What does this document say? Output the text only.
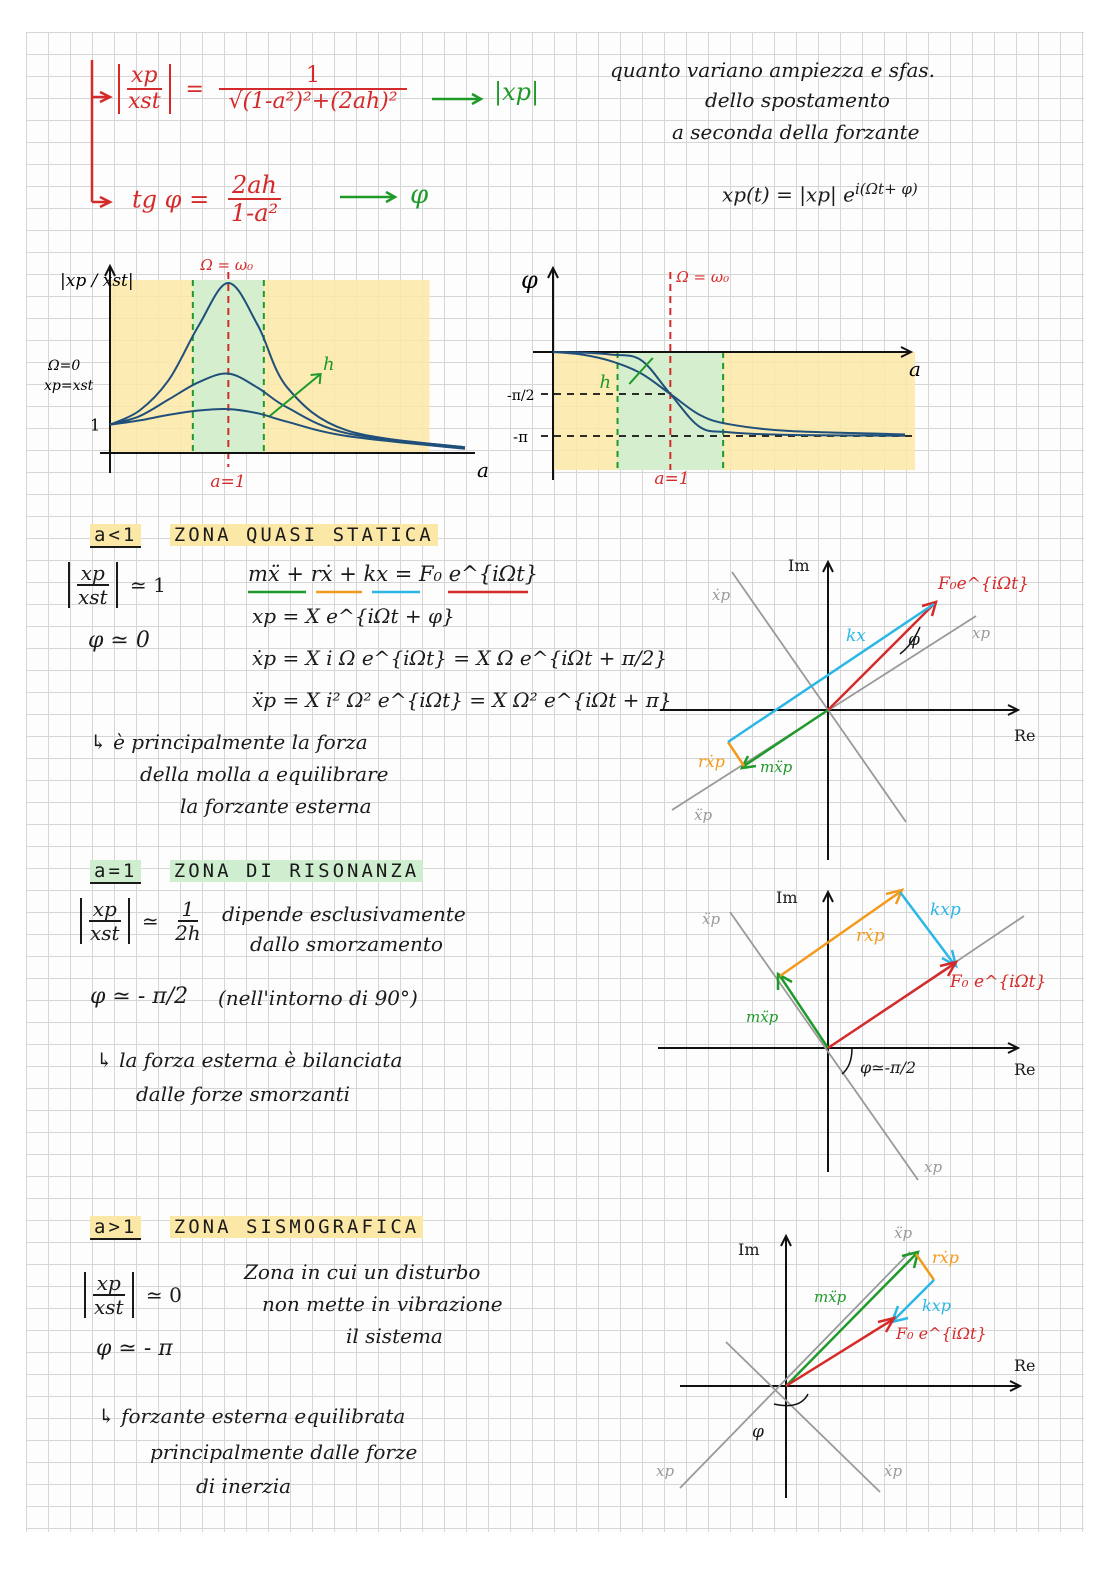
$\frac{xp}{\text{xst}} = \frac{1}{\text{√(1-a²)²+(2ah)²}}$	|xp|
tg $\varphi = \frac{2ah}{\text{1-a²}}$	φ
quanto variano ampiezza e sfas.
dello spostamento
a seconda della forzante
xp(t) = |xp| $e^{i(\Omega t+ \varphi)}$
a
|xp / xst|
Ω = ω₀
a=1
h
Ω=0
xp=xst
1
a
φ	Ω = ω₀
a=1
h
-π/2
-π
a<1 ZONA QUASI STATICA
$\frac{xp}{\text{xst}}$ ≃ 1
φ ≃ 0
mẍ + rẋ + kx = F₀ e^{iΩt}
xp = X e^{iΩt + φ}
ẋp = X i Ω e^{iΩt} = X Ω e^{iΩt + π/2}
ẍp = X i² Ω² e^{iΩt} = X Ω² e^{iΩt + π}
↳ è principalmente la forza
della molla a equilibrare
la forzante esterna
Im
Re
F₀e^{iΩt}
kx φ
ẋp
xp
rẋp mẍp
ẍp
a=1 ZONA DI RISONANZA
$\frac{xp}{\text{xst}}$ ≃ $\frac{1}{2h}$ dipende esclusivamente
dallo smorzamento
φ ≃ - π/2 (nell'intorno di 90°)
↳ la forza esterna è bilanciata
dalle forze smorzanti
Im
Re
ẍp
rẋp
kxp
F₀ e^{iΩt}
mẍp
φ≃-π/2
xp
a>1 ZONA SISMOGRAFICA
$\frac{xp}{\text{xst}}$ ≃ 0
Zona in cui un disturbo
non mette in vibrazione
il sistema
φ ≃ - π
↳ forzante esterna equilibrata
principalmente dalle forze
di inerzia
Im
Re
ẍp
rẋp
mẍp	kxp
F₀ e^{iΩt}
φ
xp	ẋp
